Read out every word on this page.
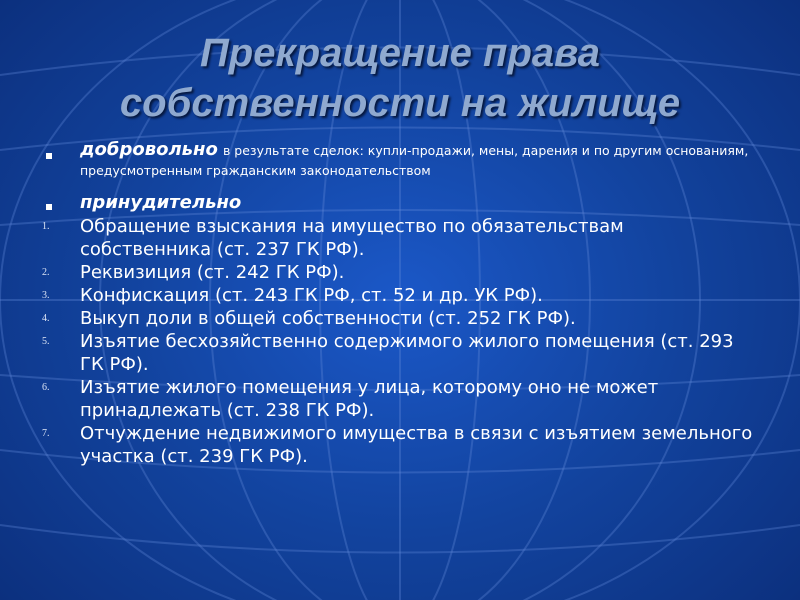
Прекращение права собственности на жилище
добровольно в результате сделок: купли-продажи, мены, дарения и по другим основаниям, предусмотренным гражданским законодательством
принудительно
1. Обращение взыскания на имущество по обязательствам собственника (ст. 237 ГК РФ).
2. Реквизиция (ст. 242 ГК РФ).
3. Конфискация (ст. 243 ГК РФ, ст. 52 и др. УК РФ).
4. Выкуп доли в общей собственности (ст. 252 ГК РФ).
5. Изъятие бесхозяйственно содержимого жилого помещения (ст. 293 ГК РФ).
6. Изъятие жилого помещения у лица, которому оно не может принадлежать (ст. 238 ГК РФ).
7. Отчуждение недвижимого имущества в связи с изъятием земельного участка (ст. 239 ГК РФ).
